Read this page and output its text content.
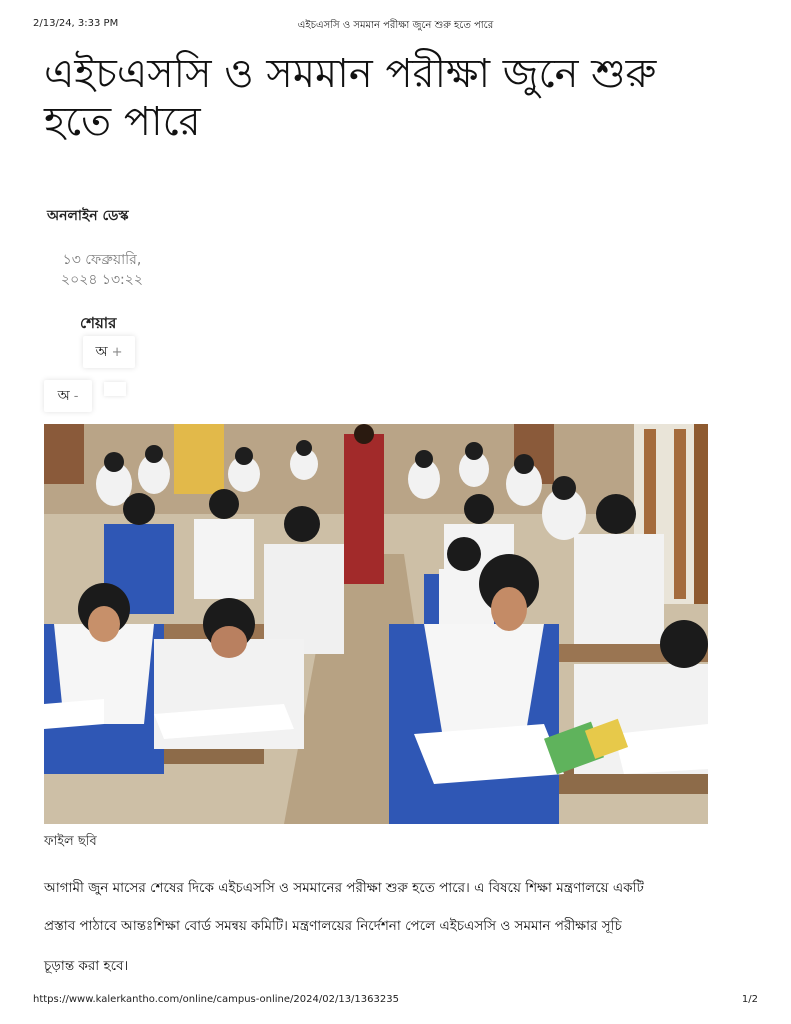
2/13/24, 3:33 PM	এইচএসসি ও সমমান পরীক্ষা জুনে শুরু হতে পারে
এইচএসসি ও সমমান পরীক্ষা জুনে শুরু
হতে পারে
অনলাইন ডেস্ক
১৩ ফেব্রুয়ারি,
২০২৪ ১৩:২২
শেয়ার
অ +
অ -
ফাইল ছবি
আগামী জুন মাসের শেষের দিকে এইচএসসি ও সমমানের পরীক্ষা শুরু হতে পারে। এ বিষয়ে শিক্ষা মন্ত্রণালয়ে একটি
প্রস্তাব পাঠাবে আন্তঃশিক্ষা বোর্ড সমন্বয় কমিটি। মন্ত্রণালয়ের নির্দেশনা পেলে এইচএসসি ও সমমান পরীক্ষার সূচি
চূড়ান্ত করা হবে।
https://www.kalerkantho.com/online/campus-online/2024/02/13/1363235	1/2
